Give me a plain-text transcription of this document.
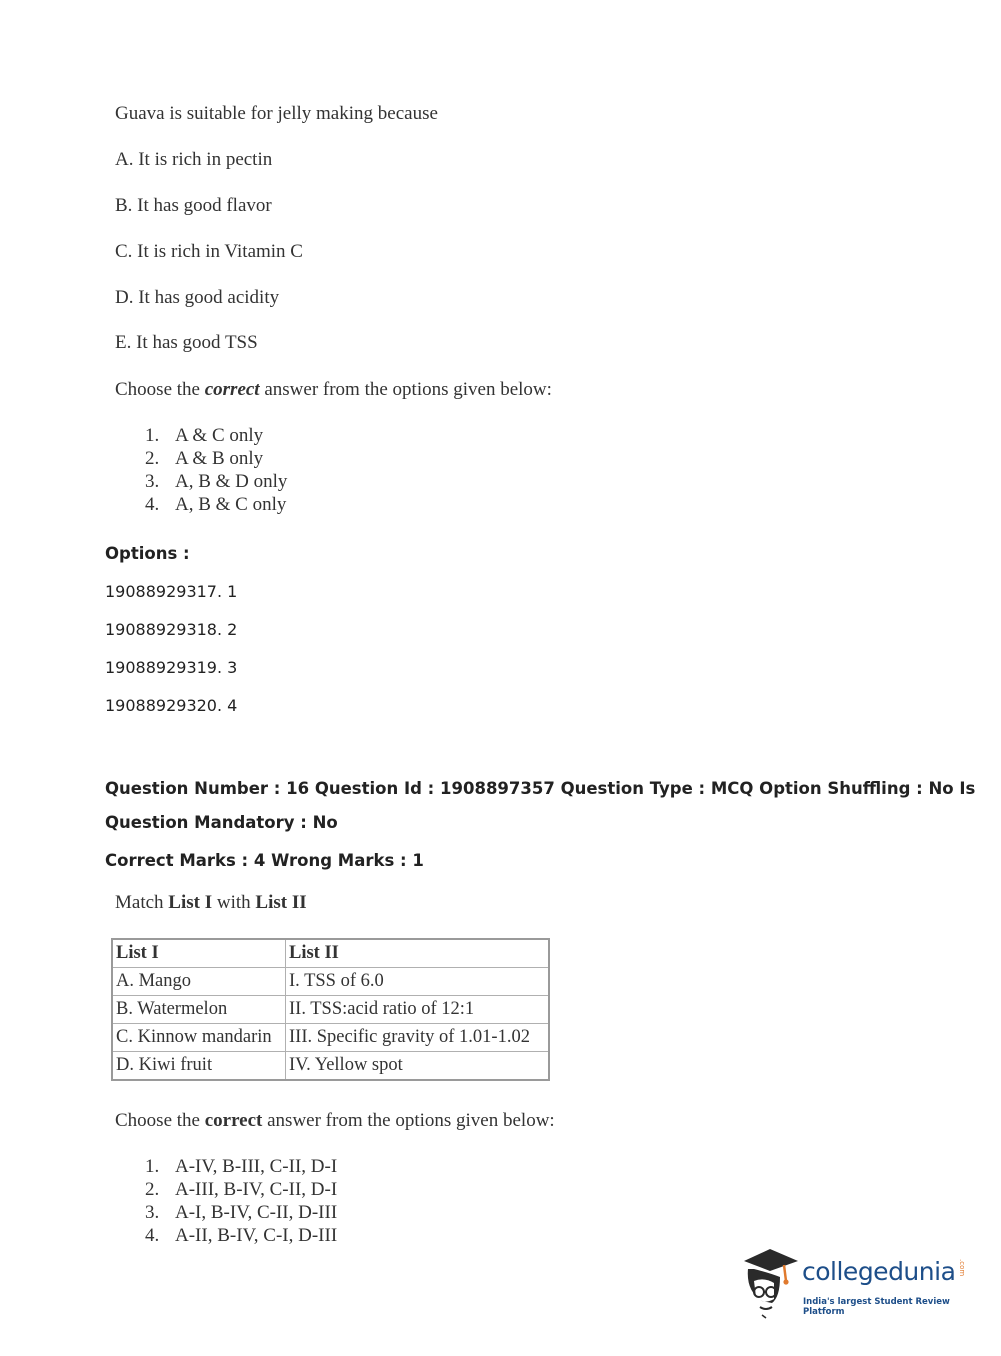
Guava is suitable for jelly making because
A. It is rich in pectin
B. It has good flavor
C. It is rich in Vitamin C
D. It has good acidity
E. It has good TSS
Choose the correct answer from the options given below:
1. A & C only
2. A & B only
3. A, B & D only
4. A, B & C only
Options :
19088929317. 1
19088929318. 2
19088929319. 3
19088929320. 4
Question Number : 16 Question Id : 1908897357 Question Type : MCQ Option Shuffling : No Is
Question Mandatory : No
Correct Marks : 4 Wrong Marks : 1
Match List I with List II
List I	List II
A. Mango	I. TSS of 6.0
B. Watermelon	II. TSS:acid ratio of 12:1
C. Kinnow mandarin	III. Specific gravity of 1.01-1.02
D. Kiwi fruit	IV. Yellow spot
Choose the correct answer from the options given below:
1. A-IV, B-III, C-II, D-I
2. A-III, B-IV, C-II, D-I
3. A-I, B-IV, C-II, D-III
4. A-II, B-IV, C-I, D-III
collegedunia .com
India's largest Student Review Platform
